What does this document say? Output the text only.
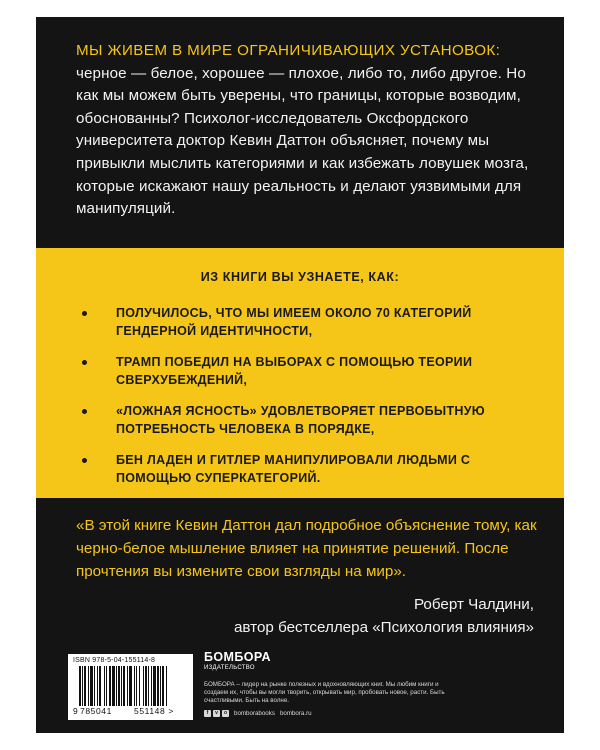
МЫ ЖИВЕМ В МИРЕ ОГРАНИЧИВАЮЩИХ УСТАНОВОК: черное — белое, хорошее — плохое, либо то, либо другое. Но как мы можем быть уверены, что границы, которые возводим, обоснованны? Психолог-исследователь Оксфордского университета доктор Кевин Даттон объясняет, почему мы привыкли мыслить категориями и как избежать ловушек мозга, которые искажают нашу реальность и делают уязвимыми для манипуляций.
ИЗ КНИГИ ВЫ УЗНАЕТЕ, КАК:
ПОЛУЧИЛОСЬ, ЧТО МЫ ИМЕЕМ ОКОЛО 70 КАТЕГОРИЙ ГЕНДЕРНОЙ ИДЕНТИЧНОСТИ,
ТРАМП ПОБЕДИЛ НА ВЫБОРАХ С ПОМОЩЬЮ ТЕОРИИ СВЕРХУБЕЖДЕНИЙ,
«ЛОЖНАЯ ЯСНОСТЬ» УДОВЛЕТВОРЯЕТ ПЕРВОБЫТНУЮ ПОТРЕБНОСТЬ ЧЕЛОВЕКА В ПОРЯДКЕ,
БЕН ЛАДЕН И ГИТЛЕР МАНИПУЛИРОВАЛИ ЛЮДЬМИ С ПОМОЩЬЮ СУПЕРКАТЕГОРИЙ.
«В этой книге Кевин Даттон дал подробное объяснение тому, как черно-белое мышление влияет на принятие решений. После прочтения вы измените свои взгляды на мир».
Роберт Чалдини,
автор бестселлера «Психология влияния»
ISBN 978-5-04-155114-8
9 785041	551148 >
БОМБОРА
ИЗДАТЕЛЬСТВО
БОМБОРА – лидер на рынке полезных и вдохновляющих книг. Мы любим книги и создаем их, чтобы вы могли творить, открывать мир, пробовать новое, расти. Быть счастливыми. Быть на волне.
f	v	o	bomborabooks bombora.ru
